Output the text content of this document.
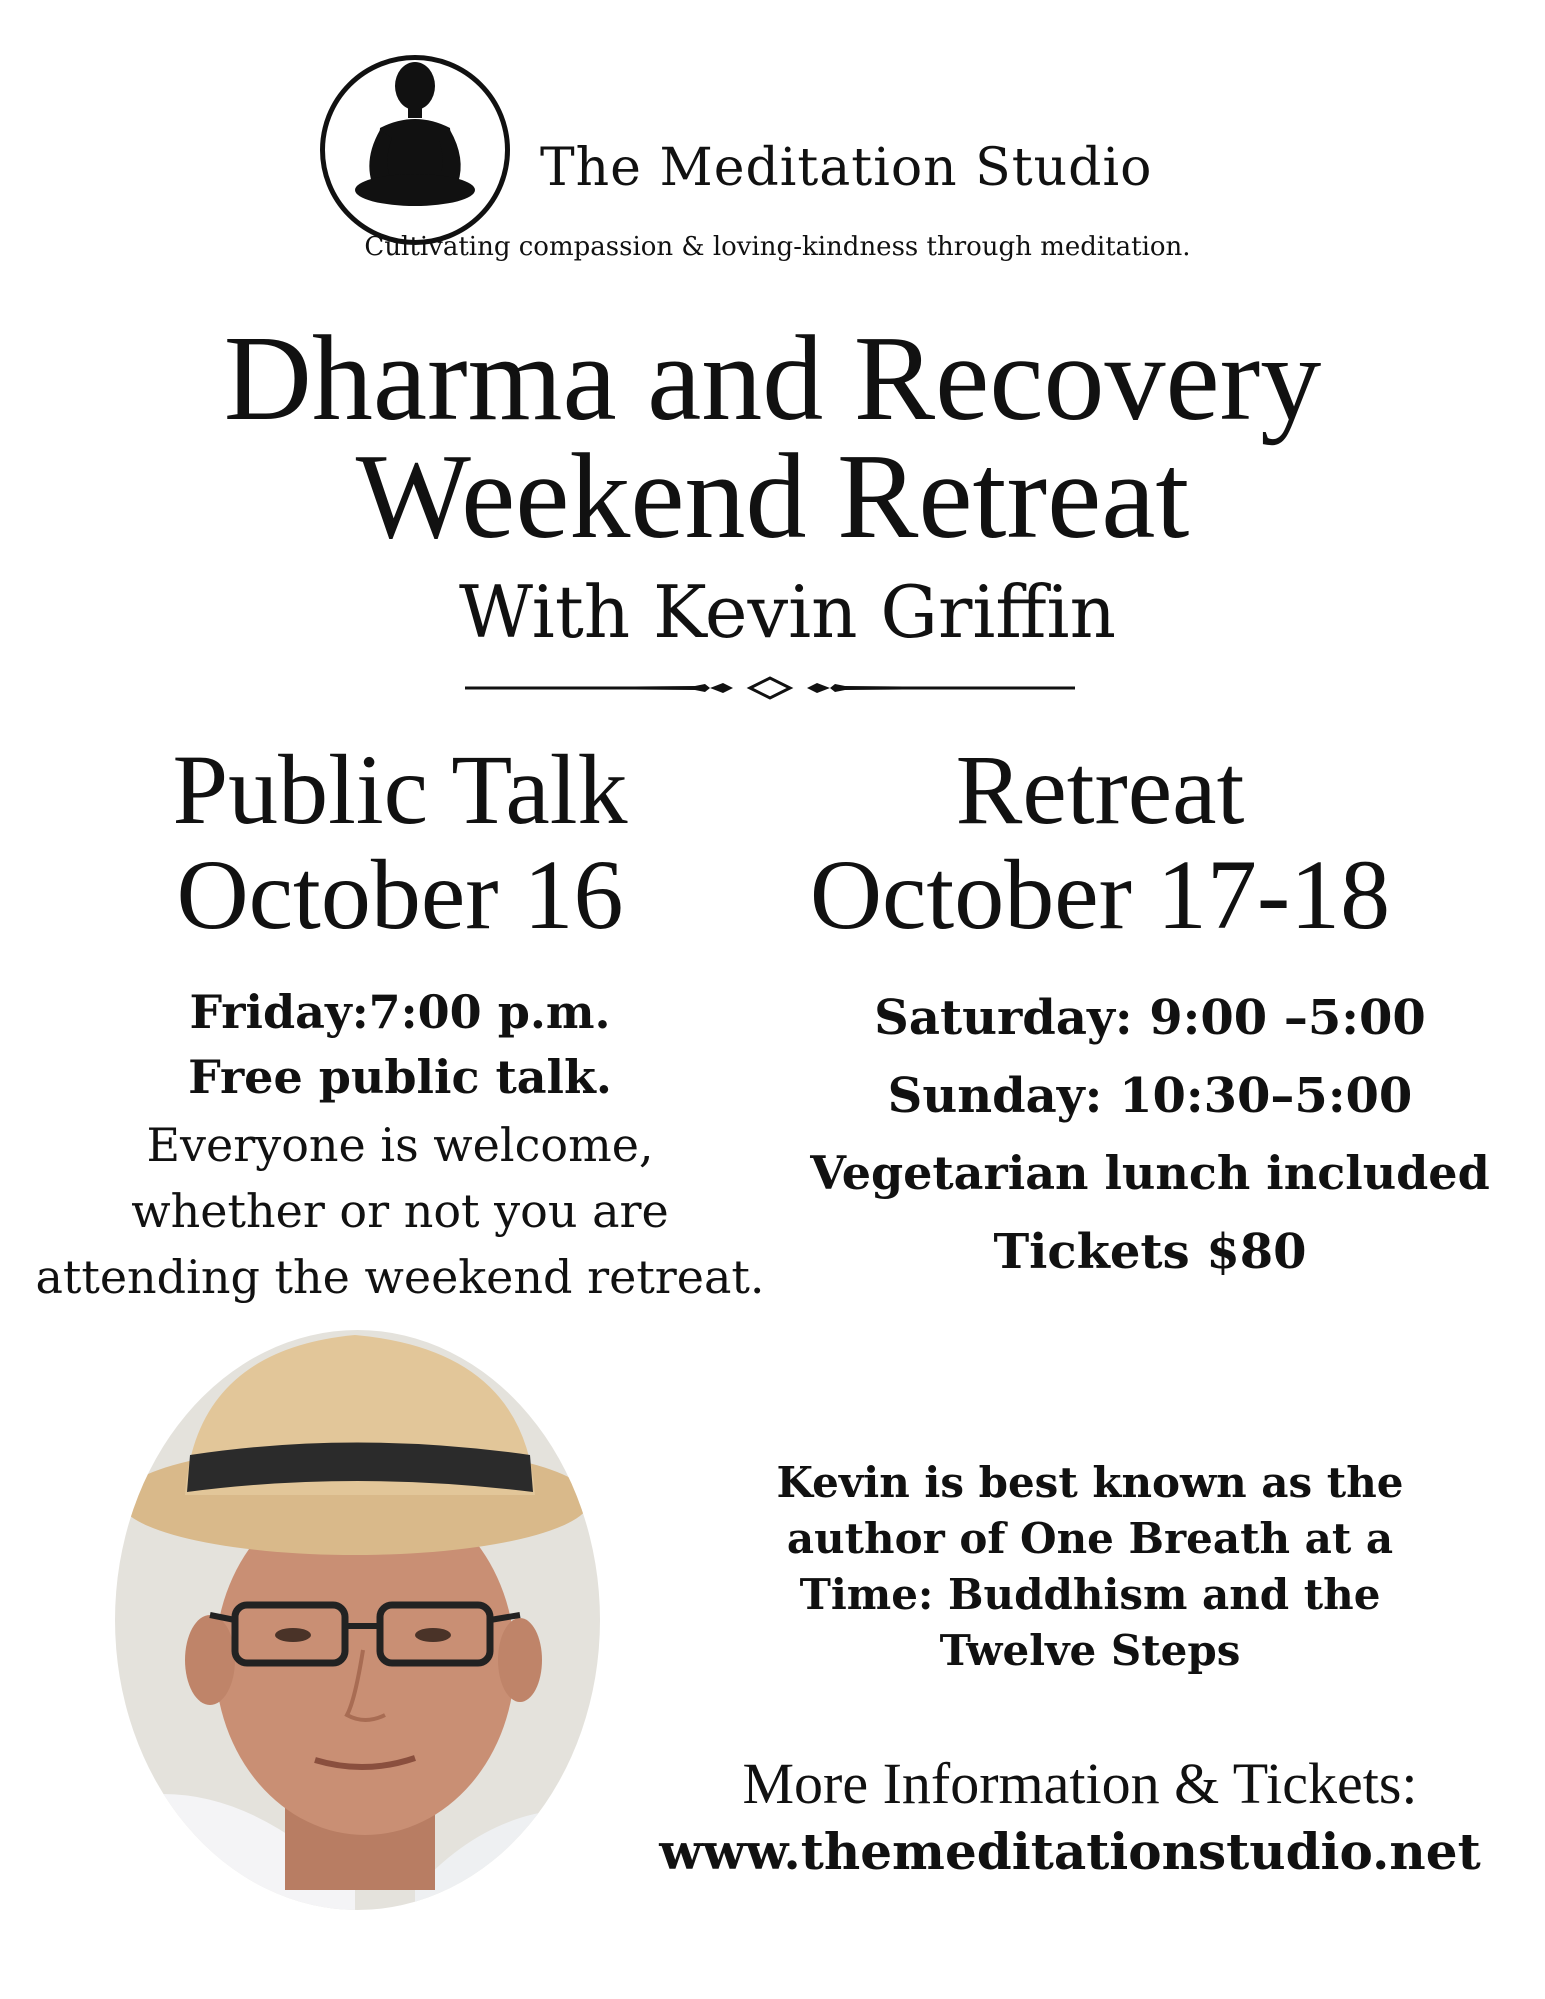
The Meditation Studio
Cultivating compassion & loving-kindness through meditation.
Dharma and Recovery
Weekend Retreat
With Kevin Griffin
Public Talk
October 16
Friday:7:00 p.m.
Free public talk.
Everyone is welcome,
whether or not you are
attending the weekend retreat.
Retreat
October 17-18
Saturday: 9:00 –5:00
Sunday: 10:30–5:00
Vegetarian lunch included
Tickets $80
Kevin is best known as the
author of One Breath at a
Time: Buddhism and the
Twelve Steps
More Information & Tickets:
www.themeditationstudio.net
